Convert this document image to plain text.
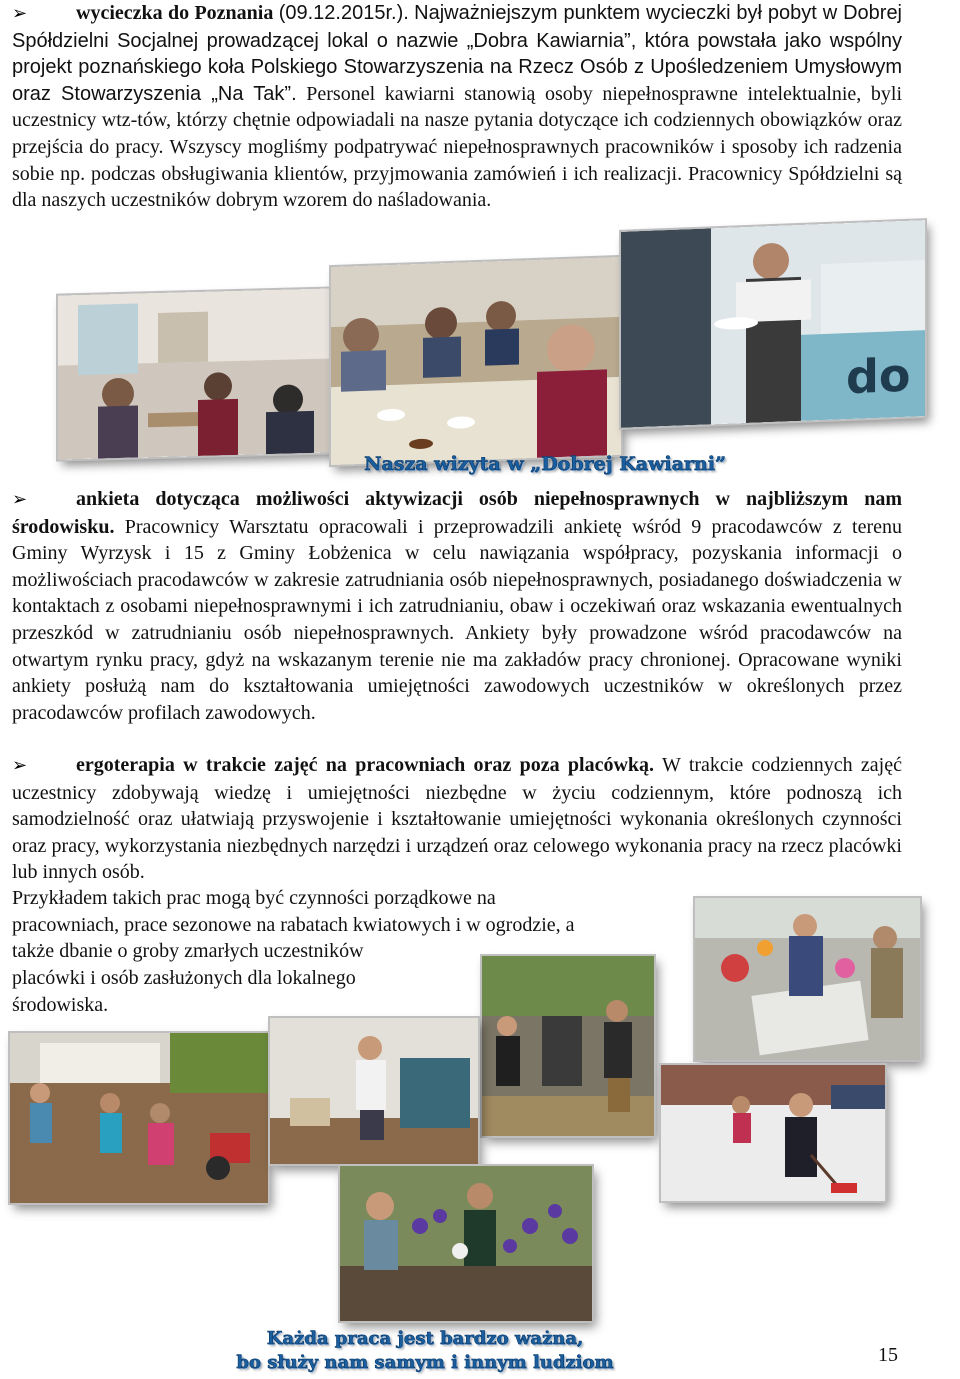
➢ wycieczka do Poznania (09.12.2015r.). Najważniejszym punktem wycieczki był pobyt w Dobrej Spółdzielni Socjalnej prowadzącej lokal o nazwie „Dobra Kawiarnia”, która powstała jako wspólny projekt poznańskiego koła Polskiego Stowarzyszenia na Rzecz Osób z Upośledzeniem Umysłowym oraz Stowarzyszenia „Na Tak”. Personel kawiarni stanowią osoby niepełnosprawne intelektualnie, byli uczestnicy wtz-tów, którzy chętnie odpowiadali na nasze pytania dotyczące ich codziennych obowiązków oraz przejścia do pracy. Wszyscy mogliśmy podpatrywać niepełnosprawnych pracowników i sposoby ich radzenia sobie np. podczas obsługiwania klientów, przyjmowania zamówień i ich realizacji. Pracownicy Spółdzielni są dla naszych uczestników dobrym wzorem do naśladowania.

do
Nasza wizyta w „Dobrej Kawiarni”

➢ ankieta dotycząca możliwości aktywizacji osób niepełnosprawnych w najbliższym nam środowisku. Pracownicy Warsztatu opracowali i przeprowadzili ankietę wśród 9 pracodawców z terenu Gminy Wyrzysk i 15 z Gminy Łobżenica w celu nawiązania współpracy, pozyskania informacji o możliwościach pracodawców w zakresie zatrudniania osób niepełnosprawnych, posiadanego doświadczenia w kontaktach z osobami niepełnosprawnymi i ich zatrudnianiu, obaw i oczekiwań oraz wskazania ewentualnych przeszkód w zatrudnianiu osób niepełnosprawnych. Ankiety były prowadzone wśród pracodawców na otwartym rynku pracy, gdyż na wskazanym terenie nie ma zakładów pracy chronionej. Opracowane wyniki ankiety posłużą nam do kształtowania umiejętności zawodowych uczestników w określonych przez pracodawców profilach zawodowych.

➢ ergoterapia w trakcie zajęć na pracowniach oraz poza placówką. W trakcie codziennych zajęć uczestnicy zdobywają wiedzę i umiejętności niezbędne w życiu codziennym, które podnoszą ich samodzielność oraz ułatwiają przyswojenie i kształtowanie umiejętności wykonania określonych czynności oraz pracy, wykorzystania niezbędnych narzędzi i urządzeń oraz celowego wykonania pracy na rzecz placówki lub innych osób.

Przykładem takich prac mogą być czynności porządkowe na

pracowniach, prace sezonowe na rabatach kwiatowych i w ogrodzie, a

także dbanie o groby zmarłych uczestników

placówki i osób zasłużonych dla lokalnego

środowiska.

Każda praca jest bardzo ważna,
bo służy nam samym i innym ludziom	15
